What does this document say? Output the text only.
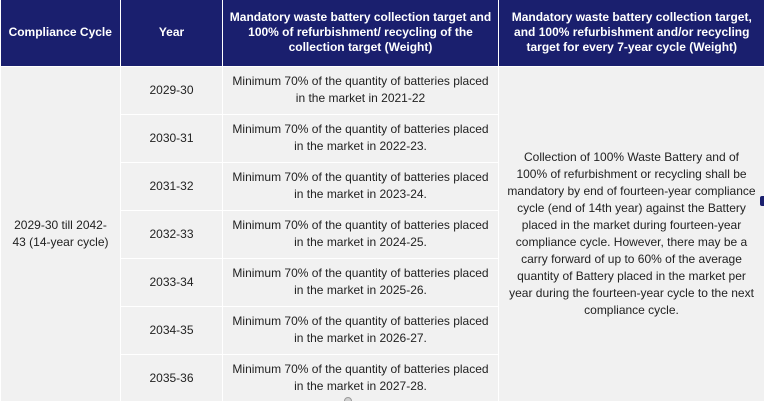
Compliance Cycle	Year	Mandatory waste battery collection target and 100% of refurbishment/ recycling of the collection target (Weight)	Mandatory waste battery collection target, and 100% refurbishment and/or recycling target for every 7-year cycle (Weight)
2029-30 till 2042-43 (14-year cycle)	2029-30	Minimum 70% of the quantity of batteries placed in the market in 2021-22	Collection of 100% Waste Battery and of 100% of refurbishment or recycling shall be mandatory by end of fourteen-year compliance cycle (end of 14th year) against the Battery placed in the market during fourteen-year compliance cycle. However, there may be a carry forward of up to 60% of the average quantity of Battery placed in the market per year during the fourteen-year cycle to the next compliance cycle.
	2030-31	Minimum 70% of the quantity of batteries placed in the market in 2022-23.	
	2031-32	Minimum 70% of the quantity of batteries placed in the market in 2023-24.	
	2032-33	Minimum 70% of the quantity of batteries placed in the market in 2024-25.	
	2033-34	Minimum 70% of the quantity of batteries placed in the market in 2025-26.	
	2034-35	Minimum 70% of the quantity of batteries placed in the market in 2026-27.	
	2035-36	Minimum 70% of the quantity of batteries placed in the market in 2027-28.	
